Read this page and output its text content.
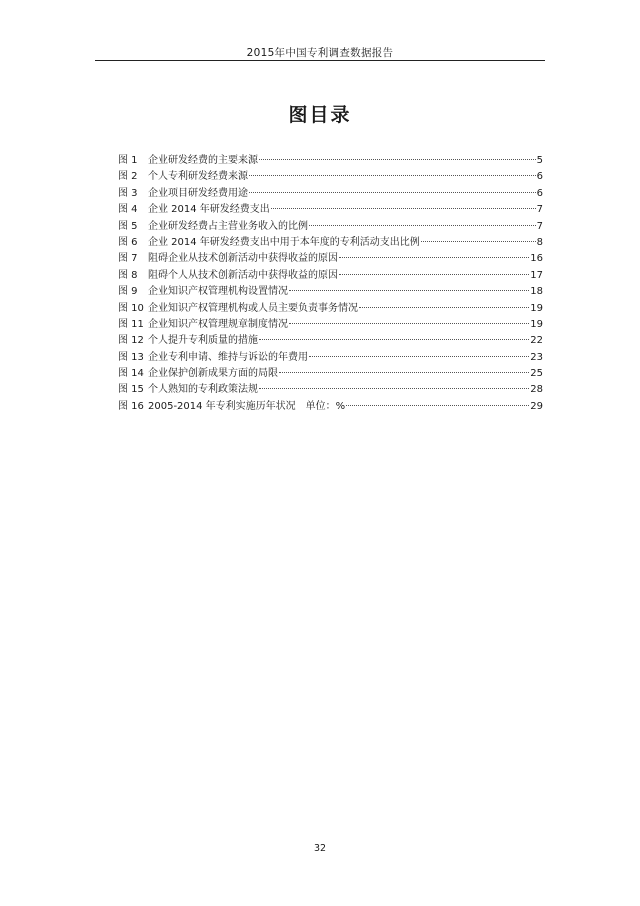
2015年中国专利调查数据报告
图目录
图 1	企业研发经费的主要来源	5
图 2	个人专利研发经费来源	6
图 3	企业项目研发经费用途	6
图 4	企业 2014 年研发经费支出	7
图 5	企业研发经费占主营业务收入的比例	7
图 6	企业 2014 年研发经费支出中用于本年度的专利活动支出比例	8
图 7	阻碍企业从技术创新活动中获得收益的原因	16
图 8	阻碍个人从技术创新活动中获得收益的原因	17
图 9	企业知识产权管理机构设置情况	18
图 10 企业知识产权管理机构或人员主要负责事务情况	19
图 11 企业知识产权管理规章制度情况	19
图 12 个人提升专利质量的措施	22
图 13 企业专利申请、维持与诉讼的年费用	23
图 14 企业保护创新成果方面的局限	25
图 15 个人熟知的专利政策法规	28
图 16 2005-2014 年专利实施历年状况　单位：%	29
32
